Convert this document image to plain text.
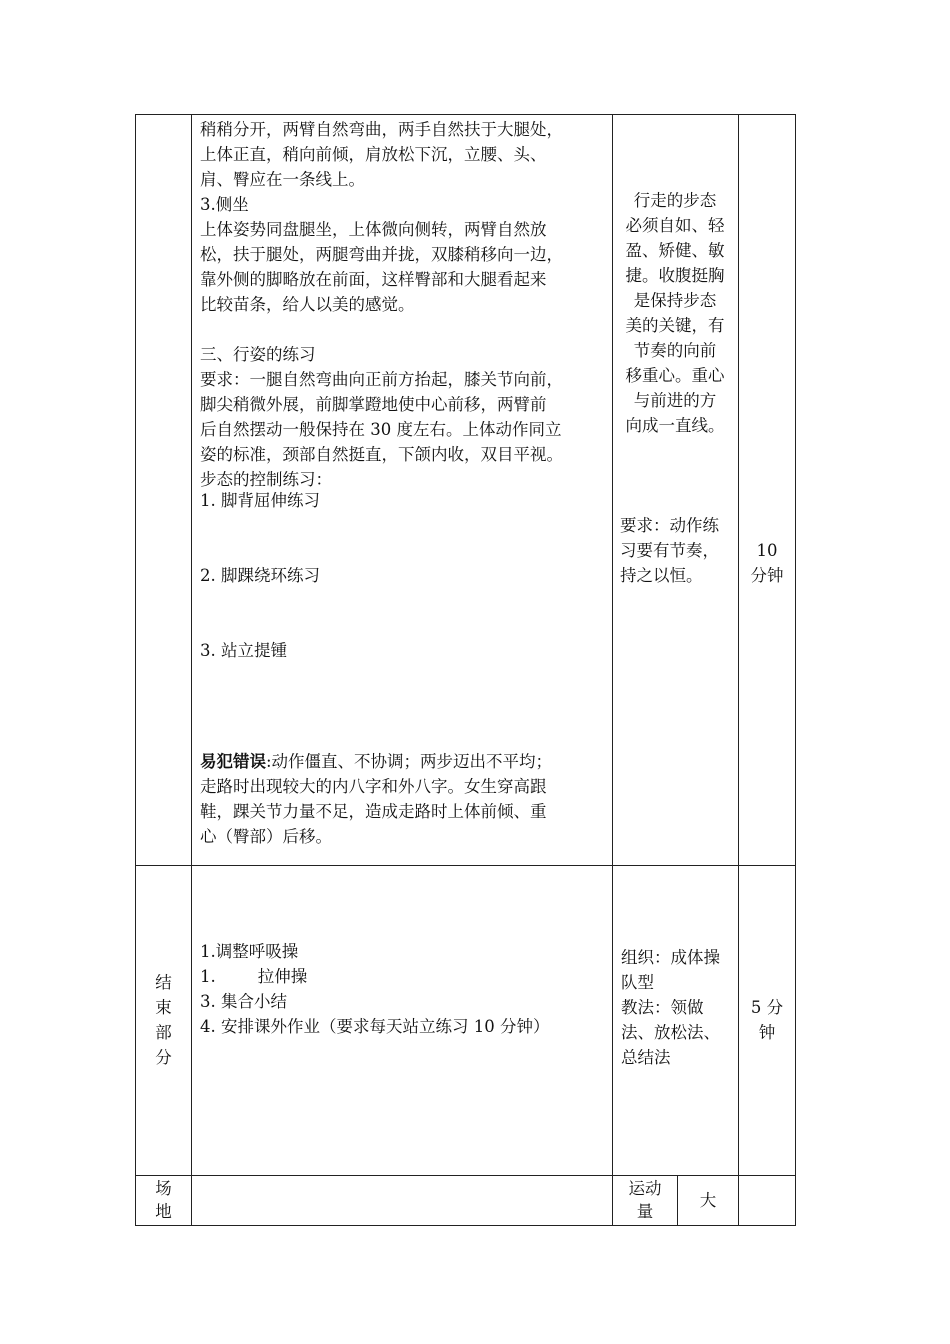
稍稍分开，两臂自然弯曲，两手自然扶于大腿处，
上体正直，稍向前倾，肩放松下沉，立腰、头、
肩、臀应在一条线上。
3.侧坐
上体姿势同盘腿坐，上体微向侧转，两臂自然放
松，扶于腿处，两腿弯曲并拢，双膝稍移向一边，
靠外侧的脚略放在前面，这样臀部和大腿看起来
比较苗条，给人以美的感觉。
三、行姿的练习
要求：一腿自然弯曲向正前方抬起，膝关节向前，
脚尖稍微外展，前脚掌蹬地使中心前移，两臂前
后自然摆动一般保持在 30 度左右。上体动作同立
姿的标准，颈部自然挺直，下颌内收，双目平视。
步态的控制练习：
1. 脚背屈伸练习
2. 脚踝绕环练习
3. 站立提锺
易犯错误:动作僵直、不协调；两步迈出不平均；
走路时出现较大的内八字和外八字。女生穿高跟
鞋，踝关节力量不足，造成走路时上体前倾、重
心（臀部）后移。
行走的步态
必须自如、轻
盈、矫健、敏
捷。收腹挺胸
是保持步态
美的关键，有
节奏的向前
移重心。重心
与前进的方
向成一直线。
要求：动作练
习要有节奏，
持之以恒。
10
分钟
结
束
部
分
1.调整呼吸操
1.        拉伸操
3. 集合小结
4. 安排课外作业（要求每天站立练习 10 分钟）
组织：成体操
队型
教法：领做
法、放松法、
总结法
5 分
钟
场
地
运动
量
大
